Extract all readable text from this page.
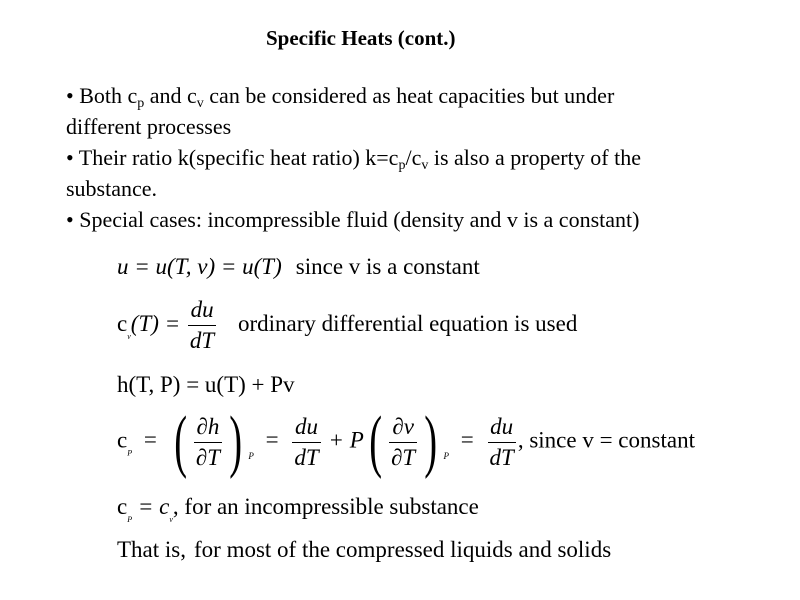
Specific Heats (cont.)
• Both $c_p$ and $c_v$ can be considered as heat capacities but under
different processes
• Their ratio k(specific heat ratio) $k=c_p/c_v$ is also a property of the
substance.
• Special cases: incompressible fluid (density and v is a constant)
u = u(T, v) = u(T) since v is a constant
$c_v(T) = \frac{du}{dT}$ ordinary differential equation is used
h(T, P) = u(T) + Pv
$c_P$ = ( $\frac{\partial h}{\partial T}$ ) $_P = \frac{du}{dT} + P( \frac{\partial v}{\partial T}$ ) $_P = \frac{du}{dT}$ , since v = constant
$c_P = c_v$, for an incompressible substance
That is, for most of the compressed liquids and solids
